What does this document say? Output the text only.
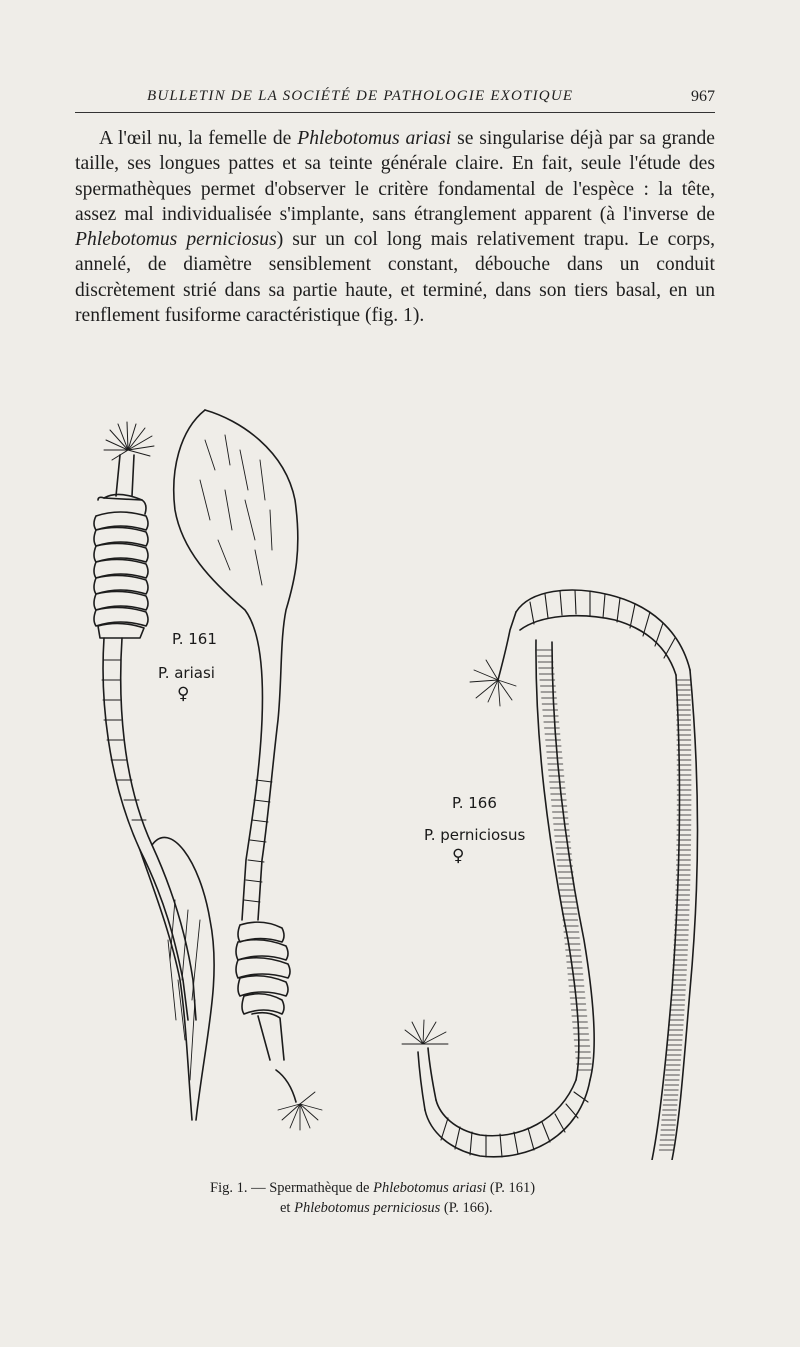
BULLETIN DE LA SOCIÉTÉ DE PATHOLOGIE EXOTIQUE	967
A l'œil nu, la femelle de Phlebotomus ariasi se singularise déjà par sa grande taille, ses longues pattes et sa teinte générale claire. En fait, seule l'étude des spermathèques permet d'observer le critère fondamental de l'espèce : la tête, assez mal individualisée s'implante, sans étranglement apparent (à l'inverse de Phlebotomus perniciosus) sur un col long mais relativement trapu. Le corps, annelé, de diamètre sensiblement constant, débouche dans un conduit discrètement strié dans sa partie haute, et terminé, dans son tiers basal, en un renflement fusiforme caractéristique (fig. 1).

P. 161
P. ariasi
♀
P. 166
P. perniciosus
♀
Fig. 1. — Spermathèque de Phlebotomus ariasi (P. 161)
et Phlebotomus perniciosus (P. 166).
